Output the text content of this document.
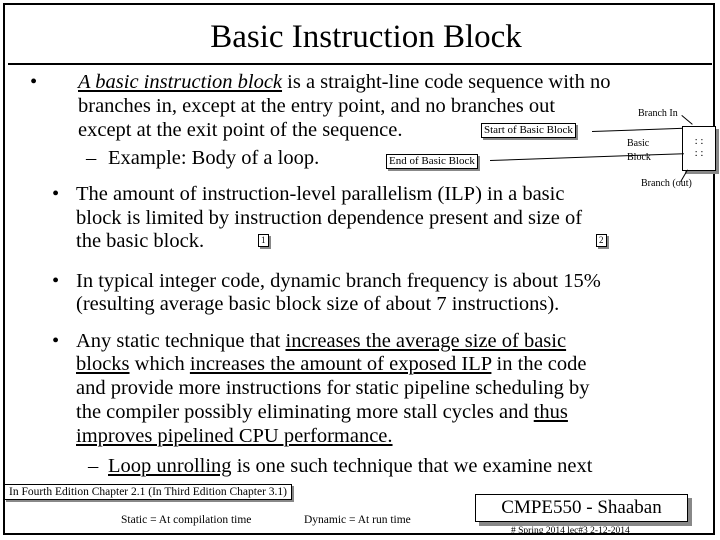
Basic Instruction Block
• A basic instruction block is a straight-line code sequence with no
branches in, except at the entry point, and no branches out
except at the exit point of the sequence.
– Example: Body of a loop.
Branch In
Start of Basic Block
Basic
Block
: :
: :
End of Basic Block
Branch (out)
• The amount of instruction-level parallelism (ILP) in a basic
block is limited by instruction dependence present and size of
the basic block.	1	2
• In typical integer code, dynamic branch frequency is about 15%
(resulting average basic block size of about 7 instructions).
• Any static technique that increases the average size of basic
blocks which increases the amount of exposed ILP in the code
and provide more instructions for static pipeline scheduling by
the compiler possibly eliminating more stall cycles and thus
improves pipelined CPU performance.
– Loop unrolling is one such technique that we examine next
In Fourth Edition Chapter 2.1 (In Third Edition Chapter 3.1)
Static = At compilation time	Dynamic = At run time
CMPE550 - Shaaban
# Spring 2014 lec#3 2-12-2014
